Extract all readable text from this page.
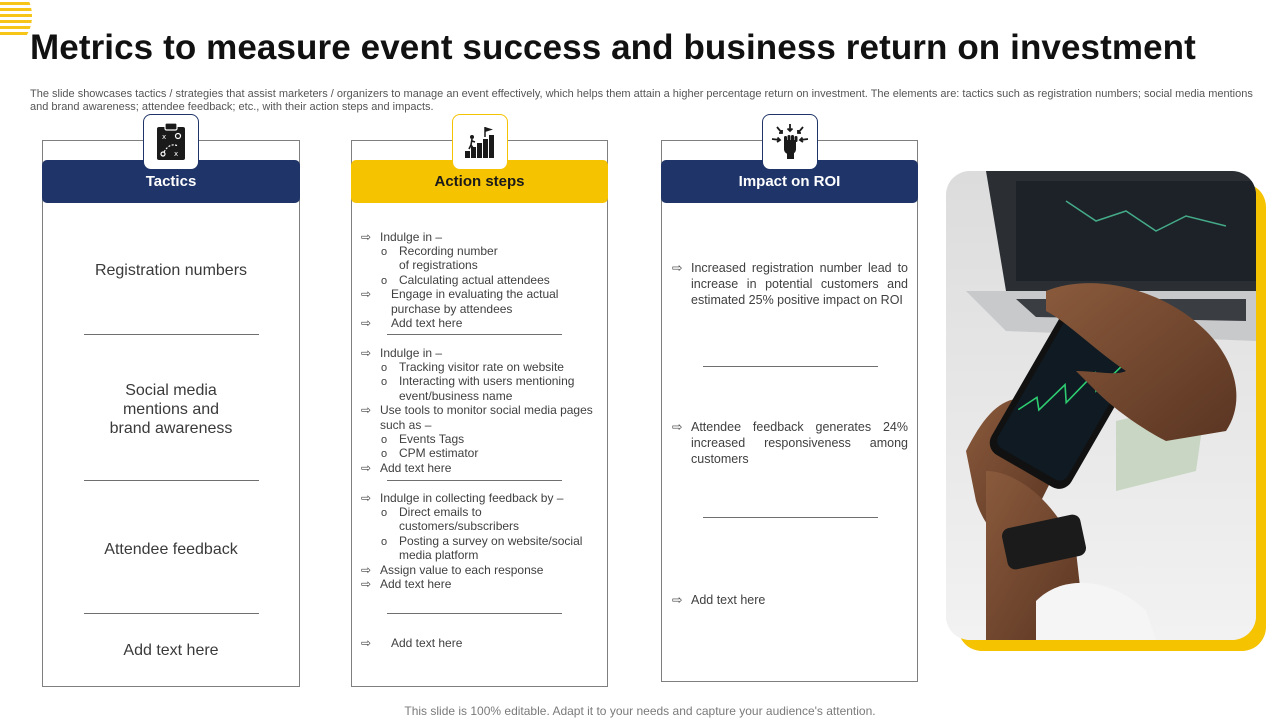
Metrics to measure event success and business return on investment

The slide showcases tactics / strategies that assist marketers / organizers to manage an event effectively, which helps them attain a higher percentage return on investment. The elements are: tactics such as registration numbers; social media mentions and brand awareness; attendee feedback; etc., with their action steps and impacts.

x
x
Tactics
Registration numbers
Social media
mentions and
brand awareness
Attendee feedback
Add text here
Action steps
⇨ Indulge in –
o Recording number
of registrations
o Calculating actual attendees
⇨ Engage in evaluating the actual
purchase by attendees
⇨ Add text here
⇨ Indulge in –
o Tracking visitor rate on website
o Interacting with users mentioning
event/business name
⇨ Use tools to monitor social media pages
such as –
o Events Tags
o CPM estimator
⇨ Add text here
⇨ Indulge in collecting feedback by –
o Direct emails to
customers/subscribers
o Posting a survey on website/social
media platform
⇨ Assign value to each response
⇨ Add text here
⇨ Add text here
Impact on ROI
⇨ Increased registration number lead to increase in potential customers and estimated 25% positive impact on ROI
⇨ Attendee feedback generates 24% increased responsiveness among customers
⇨ Add text here
This slide is 100% editable. Adapt it to your needs and capture your audience's attention.
